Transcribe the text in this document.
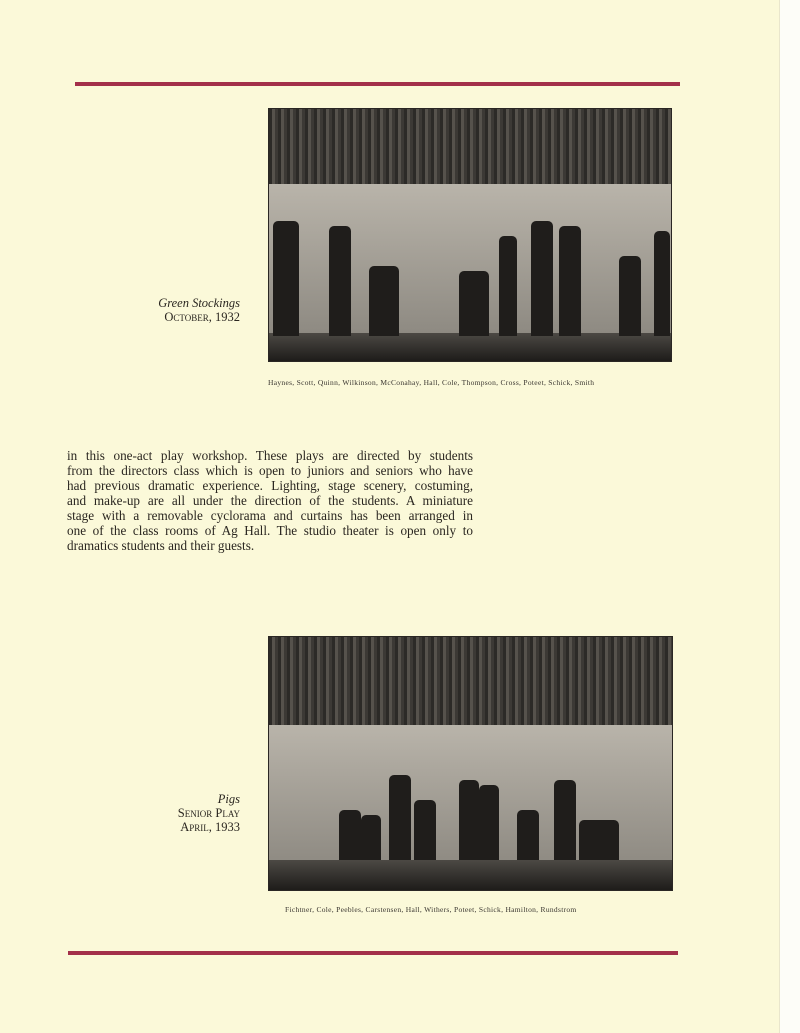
Green Stockings
October, 1932
Haynes, Scott, Quinn, Wilkinson, McConahay, Hall, Cole, Thompson, Cross, Poteet, Schick, Smith
in this one-act play workshop. These plays are directed by students
from the directors class which is open to juniors and seniors who have
had previous dramatic experience. Lighting, stage scenery, costuming,
and make-up are all under the direction of the students. A miniature
stage with a removable cyclorama and curtains has been arranged in
one of the class rooms of Ag Hall. The studio theater is open only to
dramatics students and their guests.
Pigs
Senior Play
April, 1933
Fichtner, Cole, Peebles, Carstensen, Hall, Withers, Poteet, Schick, Hamilton, Rundstrom
